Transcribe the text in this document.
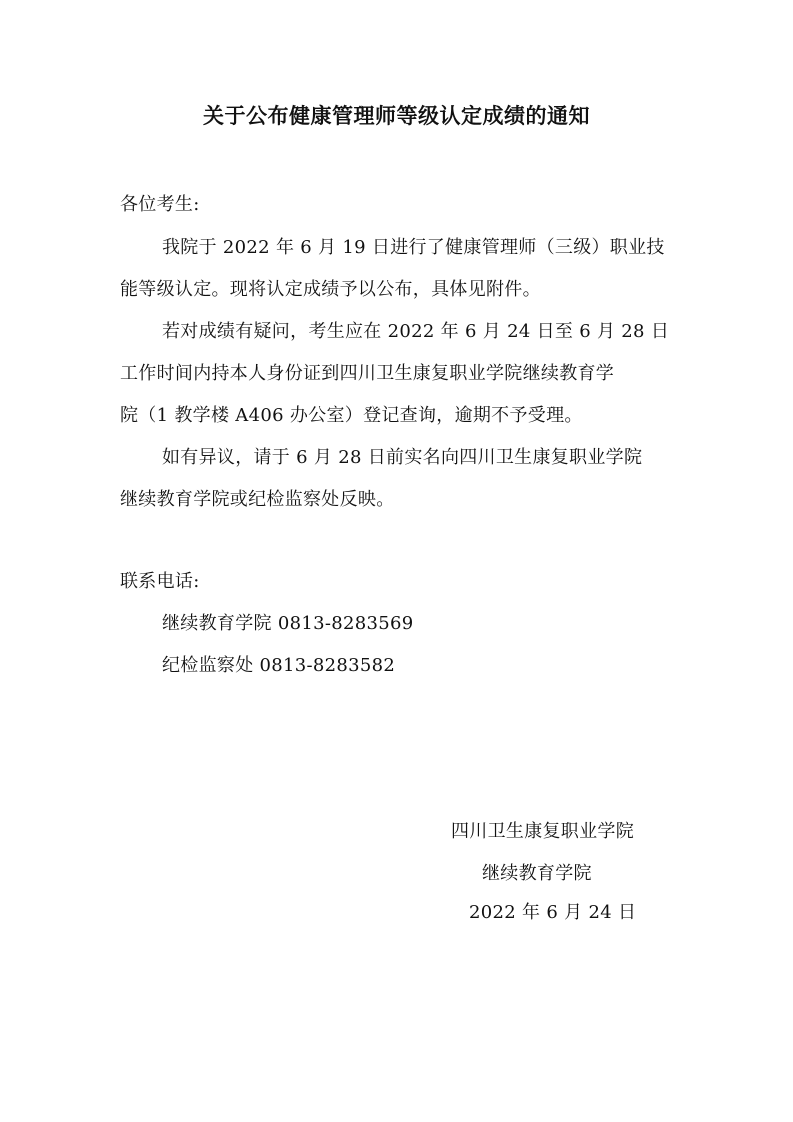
关于公布健康管理师等级认定成绩的通知
各位考生:
我院于 2022 年 6 月 19 日进行了健康管理师（三级）职业技
能等级认定。现将认定成绩予以公布，具体见附件。
若对成绩有疑问，考生应在 2022 年 6 月 24 日至 6 月 28 日
工作时间内持本人身份证到四川卫生康复职业学院继续教育学
院（1 教学楼 A406 办公室）登记查询，逾期不予受理。
如有异议，请于 6 月 28 日前实名向四川卫生康复职业学院
继续教育学院或纪检监察处反映。
联系电话:
继续教育学院 0813-8283569
纪检监察处 0813-8283582
四川卫生康复职业学院
继续教育学院
2022 年 6 月 24 日
